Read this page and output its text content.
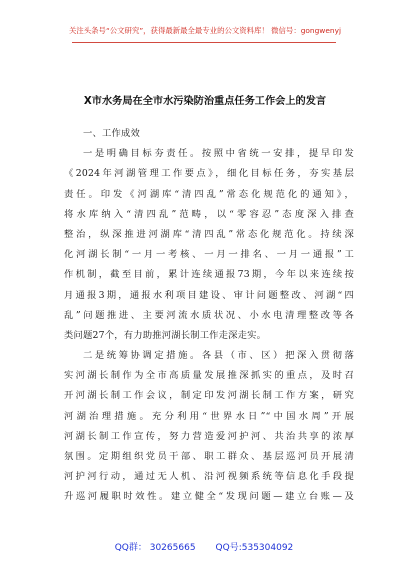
关注头条号“公文研究”，获得最新最全最专业的公文资料库！ 微信号：gongwenyj
X市水务局在全市水污染防治重点任务工作会上的发言
一、工作成效
一是明确目标夯责任。按照中省统一安排，提早印发
《2024年河湖管理工作要点》，细化目标任务，夯实基层
责任。印发《河湖库“清四乱”常态化规范化的通知》，
将水库纳入“清四乱”范畴，以“零容忍”态度深入排查
整治，纵深推进河湖库“清四乱”常态化规范化。持续深
化河湖长制“一月一考核、一月一排名、一月一通报”工
作机制，截至目前，累计连续通报73期，今年以来连续按
月通报3期，通报水利项目建设、审计问题整改、河湖“四
乱”问题推进、主要河流水质状况、小水电清理整改等各
类问题27个，有力助推河湖长制工作走深走实。
二是统筹协调定措施。各县（市、区）把深入贯彻落
实河湖长制作为全市高质量发展推深抓实的重点，及时召
开河湖长制工作会议，制定印发河湖长制工作方案，研究
河湖治理措施。充分利用“世界水日”“中国水周”开展
河湖长制工作宣传，努力营造爱河护河、共治共享的浓厚
氛围。定期组织党员干部、职工群众、基层巡河员开展清
河护河行动，通过无人机、沿河视频系统等信息化手段提
升巡河履职时效性。建立健全“发现问题—建立台账—及
QQ群： 30265665 QQ号:535304092
